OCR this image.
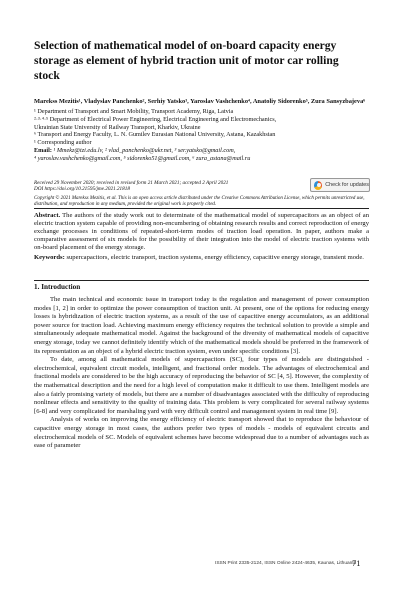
Selection of mathematical model of on-board capacity energy storage as element of hybrid traction unit of motor car rolling stock
Marekss Mezitis¹, Vladyslav Panchenko², Serhiy Yatsko³, Yaroslav Vashchenko⁴, Anatoliy Sidorenko⁵, Zura Sansyzbajeva⁶
¹ Department of Transport and Smart Mobility, Transport Academy, Riga, Latvia
²·³·⁴·⁵ Department of Electrical Power Engineering, Electrical Engineering and Electromechanics,
Ukrainian State University of Railway Transport, Kharkiv, Ukraine
⁶ Transport and Energy Faculty, L. N. Gumilev Eurasian National University, Astana, Kazakhstan
¹ Corresponding author
Email: ¹ Mmekz@tzi.edu.lv, ² vlad_panchenko@ukr.net, ³ ser.yatsko@gmail.com,
⁴ yaroslav.vashchenko@gmail.com, ⁵ sidorenko51@gmail.com, ⁶ zura_astana@mail.ru
Received 29 November 2020; received in revised form 21 March 2021; accepted 2 April 2021
DOI https://doi.org/10.21595/jme.2021.21818
Check for updates
Copyright © 2021 Marekss Mezitis, et al. This is an open access article distributed under the Creative Commons Attribution License, which permits unrestricted use, distribution, and reproduction in any medium, provided the original work is properly cited.

Abstract. The authors of the study work out to determinate of the mathematical model of supercapacitors as an object of an electric traction system capable of providing non-encumbering of obtaining research results and correct reproduction of energy exchange processes in conditions of repeated-short-term modes of traction load operation. In paper, authors make a comparative assessment of six models for the possibility of their integration into the model of electric traction systems with on-board placement of the energy storage.

Keywords: supercapacitors, electric transport, traction systems, energy efficiency, capacitive energy storage, transient mode.

1. Introduction

The main technical and economic issue in transport today is the regulation and management of power consumption modes [1, 2] in order to optimize the power consumption of traction unit. At present, one of the options for reducing energy losses is hybridization of electric traction systems, as a result of the use of capacitive energy accumulators, as an additional power source for traction load. Achieving maximum energy efficiency requires the technical solution to provide a simple and simultaneously adequate mathematical model. Against the background of the diversity of mathematical models of capacitive energy storage, today we cannot definitely identify which of the mathematical models should be preferred in the framework of its representation as an object of a hybrid electric traction system, even under specific conditions [3].

To date, among all mathematical models of supercapacitors (SC), four types of models are distinguished - electrochemical, equivalent circuit models, intelligent, and fractional order models. The advantages of electrochemical and fractional models are considered to be the high accuracy of reproducing the behavior of SC [4, 5]. However, the complexity of the mathematical description and the need for a high level of computation make it difficult to use them. Intelligent models are also a fairly promising variety of models, but there are a number of disadvantages associated with the difficulty of reproducing nonlinear effects and sensitivity to the quality of training data. This problem is very complicated for several railway systems [6-8] and very complicated for marshaling yard with very difficult control and management system in real time [9].

Analysis of works on improving the energy efficiency of electric transport showed that to reproduce the behaviour of capacitive energy storage in most cases, the authors prefer two types of models - models of equivalent circuits and electrochemical models of SC. Models of equivalent schemes have become widespread due to a number of advantages such as ease of parameter

ISSN Print 2335-2124, ISSN Online 2424-4635, Kaunas, Lithuania
71
